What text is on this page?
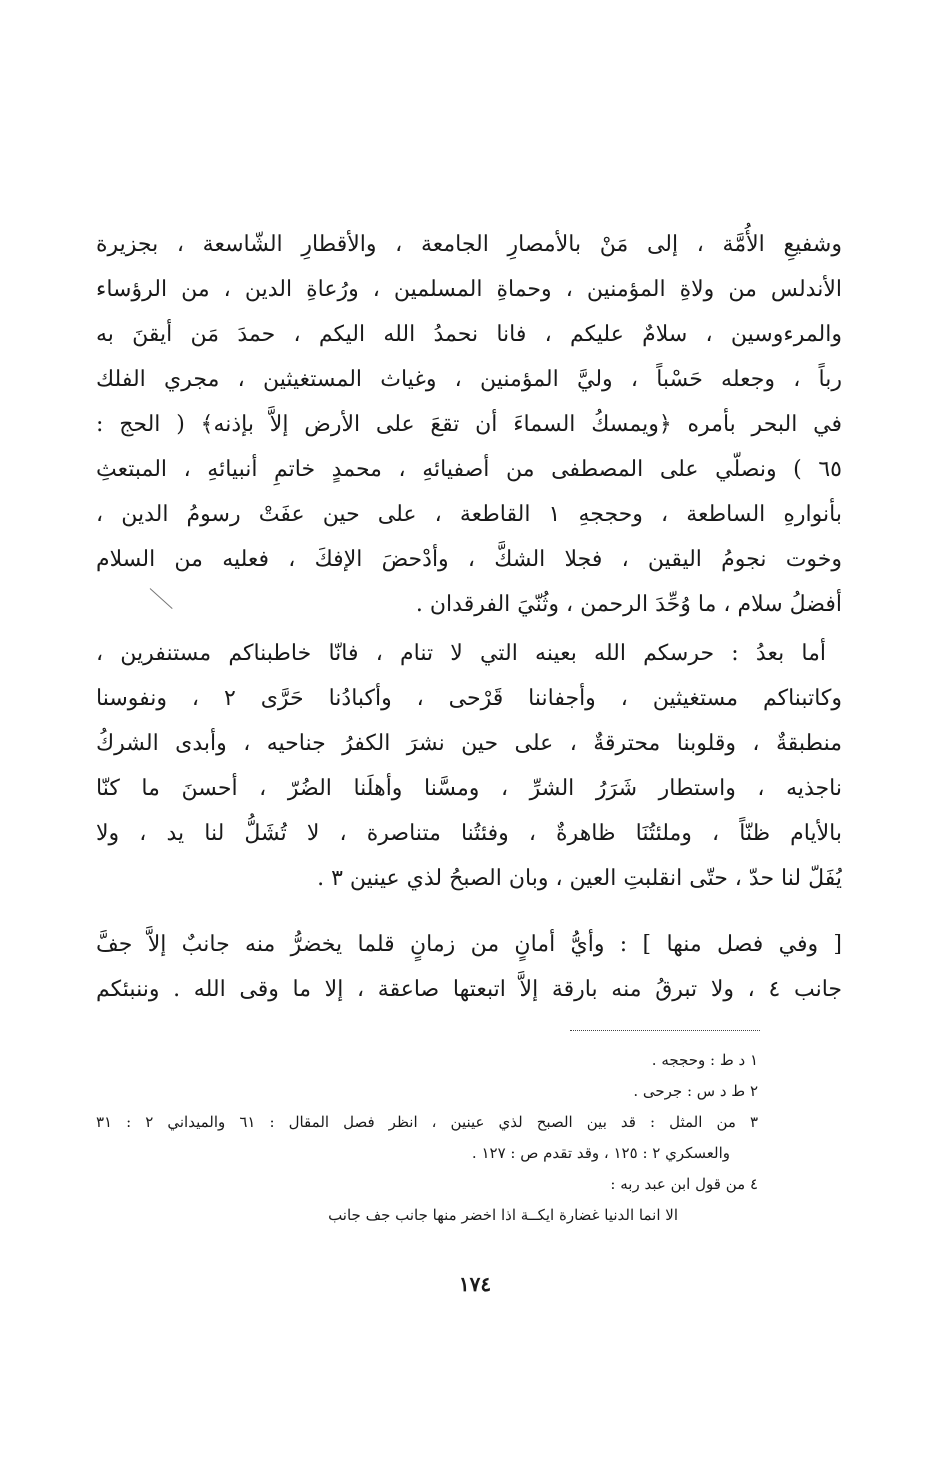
وشفيعِ الأُمَّة ، إلى مَنْ بالأمصارِ الجامعة ، والأقطارِ الشّاسعة ، بجزيرة
الأندلس من ولاةِ المؤمنين ، وحماةِ المسلمين ، ورُعاةِ الدين ، من الرؤساء
والمرءوسين ، سلامٌ عليكم ، فانا نحمدُ الله اليكم ، حمدَ مَن أيقنَ به
رباً ، وجعله حَسْباً ، وليَّ المؤمنين ، وغياث المستغيثين ، مجري الفلك
في البحر بأمره ﴿ويمسكُ السماءَ أن تقعَ على الأرض إلاَّ بإذنه﴾ ( الحج :
٦٥ ) ونصلّي على المصطفى من أصفيائهِ ، محمدٍ خاتمِ أنبيائهِ ، المبتعثِ
بأنوارهِ الساطعة ، وحججهِ ١ القاطعة ، على حين عفَتْ رسومُ الدين ،
وخوت نجومُ اليقين ، فجلا الشكَّ ، وأدْحضَ الإفكَ ، فعليه من السلام
أفضلُ سلام ، ما وُحِّدَ الرحمن ، وثُنّيَ الفرقدان .
أما بعدُ : حرسكم الله بعينه التي لا تنام ، فانّا خاطبناكم مستنفرين ،
وكاتبناكم مستغيثين ، وأجفاننا قَرْحى ، وأكبادُنا حَرَّى ٢ ، ونفوسنا
منطبقةٌ ، وقلوبنا محترقةٌ ، على حين نشرَ الكفرُ جناحيه ، وأبدى الشركُ
ناجذيه ، واستطار شَرَرُ الشرِّ ، ومسَّنا وأهلَنا الضُرّ ، أحسنَ ما كنّا
بالأيام ظنّاً ، وملئتُنَا ظاهرةٌ ، وفئتُنا متناصرة ، لا تُشَلُّ لنا يد ، ولا
يُفَلّ لنا حدّ ، حتّى انقلبتِ العين ، وبان الصبحُ لذي عينين ٣ .
[ وفي فصل منها ] : وأيُّ أمانٍ من زمانٍ قلما يخضرُّ منه جانبٌ إلاَّ جفَّ
جانب ٤ ، ولا تبرقُ منه بارقة إلاَّ اتبعتها صاعقة ، إلا ما وقى الله . وننبئكم
١ د ط : وحججه .
٢ ط د س : جرحى .
٣ من المثل : قد بين الصبح لذي عينين ، انظر فصل المقال : ٦١ والميداني ٢ : ٣١
والعسكري ٢ : ١٢٥ ، وقد تقدم ص : ١٢٧ .
٤ من قول ابن عبد ربه :
الا انما الدنيا غضارة ايكــة اذا اخضر منها جانب جف جانب
١٧٤
